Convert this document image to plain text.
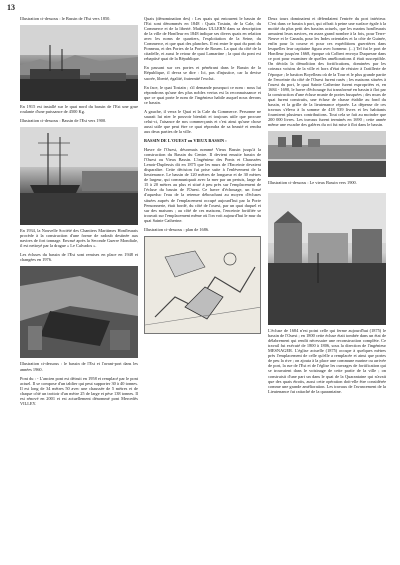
13

Illustration ci-dessous : le Bassin de l'Est vers 1850.

En 1915 est installé sur le quai nord du bassin de l'Est une grue roulante d'une puissance de 4500 Kg.

Illustration ci-dessous : Bassin de l'Est vers 1900.

En 1934, la Nouvelle Société des Chantiers Maritimes Honfleurais procède à la construction d'une forme de radoub destinée aux navires de fort tonnage. Envasé après la Seconde Guerre Mondiale, il est nettoyé par la drague « Le Calvados ».

Les écluses du bassin de l'Est sont remises en place en 1948 et changées en 1976.

Illustration ci-dessous : le bassin de l'Est et l'avant-port dans les années 1960.

Pont du : - L'ancien pont est détruit en 1958 et remplacé par le pont actuel. Il se compose d'un tablier qui peut supporter 30 à 40 tonnes. Il est long de 34 mètres 50 avec une chaussée de 5 mètres et de chaque côté un trottoir d'un mètre 25 de large et pèse 138 tonnes. Il est rénové en 2001 et est actuellement dénommé pont Mercedès VILLEY.

Quais (dénomination des) : Les quais qui entourent le bassin de l'Est sont dénommés en 1848 : Quais Tostain, de la Cale, du Commerce et de la liberté. Mathias ULLERN dans sa description de la ville de Honfleur en 1848 indique ses divers quais en relation avec les noms de quartiers, l'exploitation de la Seine, du Commerce, et que quai des planches. Il est entre le quai du pont du Ponneau, et des Portes de la Porte de Rouen. La quai du côté de la citadelle, et aussi le retour de quai Lamartine ; la quai du pont est rebaptisé quai de la République.

En passant sur ces portes et pénétrant dans le Bassin de la République, il devra se dire : Ici, pas d'injustice, car la devise sacrée, liberté, égalité, fraternité l'exclut.

En face, le quai Tostain ; s'il demande pourquoi ce nom : nous lui répondrons qu'une des plus nobles vertus est la reconnaissance et que ce quai porte le nom de l'ingénieur habile auquel nous devons ce bassin.

A gauche, il verra le Quai et la Cale du Commerce. Personne ne saurait lui nier le pouvoir bienfait et toujours utile que procure celui-ci, l'aisance de nos commerçants et c'est ainsi qu'une chose aussi utile que peut être ce quai répondra de sa beauté et rendra aux deux parties de la ville.

BASSIN DE L'OUEST ou VIEUX BASSIN :

Havre de l'Ouest, désormais nommé Vieux Bassin jusqu'à la construction du Bassin du Centre. Il devient ensuite bassin de l'Ouest ou Vieux Bassin. L'ingénieur des Ponts et Chaussées Lenoir-Duplessis dit en 1875 que les murs de l'Enceinte devaient disparaître. Cette décision fut prise suite à l'enlèvement de la lieutenance. Le bassin de 120 mètres de longueur et de 30 mètres de largeur, qui communiquait avec la mer par un pertuis, large de 15 à 20 mètres au plus et situé à peu près sur l'emplacement de l'écluse du bassin de l'Ouest. Ce havre d'échouage, un fossé d'aqueduc l'eau de la retenue débouchant au moyen d'écluses situées auprès de l'emplacement occupé aujourd'hui par la Porte Pensonnerie, était bordé, du côté de l'ouest, par un quai duquel et sur des maisons ; au côté de ces maisons, l'enceinte fortifiée se trouvait sur l'emplacement même où l'on voit aujourd'hui le mur du quai Sainte Catherine.

Illustration ci-dessous : plan de 1686.

Deux tours dominaient et défendaient l'entrée du port intérieur. C'est dans ce bassin à port, qui offrait à peine une surface égale à la moitié du plus petit des bassins actuels, que les marins honfleurais armaient leurs navires, en assez grand nombre à la fois, pour Terre-Neuve et le Canada, pour les Indes orientales et la côte de Guinée, enfin pour la course et pour ces expéditions guerrières dans lesquelles leur capitaine figura avec honneur. (...) Tel fut le port de Honfleur jusqu'en 1668, époque où Colbert envoya Duquesne dans ce port pour examiner de quelles améliorations il était susceptible. On décida la démolition des fortifications, dominées par les coteaux voisins de la ville et hors d'état de résister à l'artillerie de l'époque ; le bastion Boyelleau où de la Tour et le plus grande partie de l'enceinte du côté de l'Ouest furent rasés ; les maisons situées à l'ouest du port, le quai Sainte Catherine furent expropriées et, en 1684 - 1690, le havre d'échouage fut transformé en bassin à flot par la construction d'une écluse munie de portes busquées ; des murs de quai furent construits, une écluse de chasse établie au fond du bassin, et la grille de la lieutenance réparée. La dépense de ces travaux s'éleva à la somme de 418 539 livres et les habitants fournirent plusieurs contributions. Tout cela se fait au moindre que 200 000 livres. Les travaux furent terminés en 1690 ; cette année même une escadre des galères du roi fut mise à flot dans le bassin.

Illustration ci-dessous : Le vieux Bassin vers 1900.

L'écluse de 1684 n'est point celle qui ferme aujourd'hui (1875) le bassin de l'Ouest ; en 1800 cette écluse était tombée dans un état de délabrement qui rendit nécessaire une reconstruction complète. Ce travail fut exécuté de 1800 à 1806, sous la direction de l'ingénieur MESNAGER. L'église actuelle (1875) occupe à quelques mètres près l'emplacement de celle qu'elle a remplacée et ainsi que portes de peu la rive ; on ajouta à la place une commune marine ou arrivée de port, la rue de l'Est et de l'église les ouvrages de fortification qui se trouvaient dans le voisinage de cette partie de la ville ; on construisit d'une part un dans le quai de la Quarantaine qui n'avait que des quais étroits, aussi cette opération doit-elle être considérée comme une grande amélioration. Les travaux de l'avancement de la Lieutenance fut rattaché de la quarantaine.
